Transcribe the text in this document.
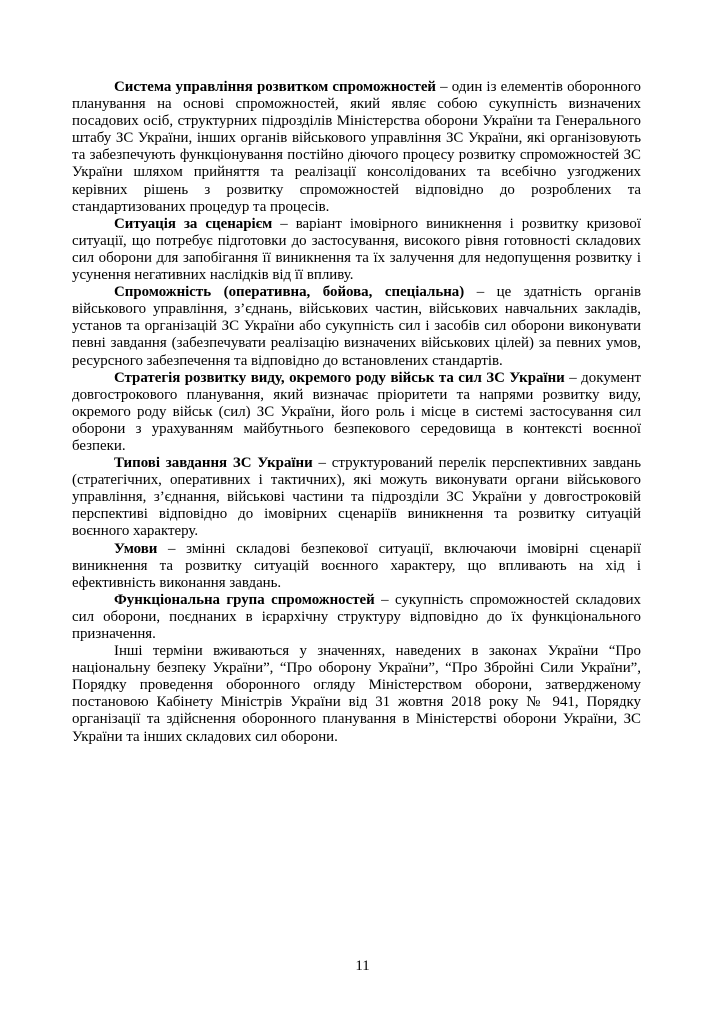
Система управління розвитком спроможностей – один із елементів оборонного планування на основі спроможностей, який являє собою сукупність визначених посадових осіб, структурних підрозділів Міністерства оборони України та Генерального штабу ЗС України, інших органів військового управління ЗС України, які організовують та забезпечують функціонування постійно діючого процесу розвитку спроможностей ЗС України шляхом прийняття та реалізації консолідованих та всебічно узгоджених керівних рішень з розвитку спроможностей відповідно до розроблених та стандартизованих процедур та процесів.

Ситуація за сценарієм – варіант імовірного виникнення і розвитку кризової ситуації, що потребує підготовки до застосування, високого рівня готовності складових сил оборони для запобігання її виникнення та їх залучення для недопущення розвитку і усунення негативних наслідків від її впливу.

Спроможність (оперативна, бойова, спеціальна) – це здатність органів військового управління, з’єднань, військових частин, військових навчальних закладів, установ та організацій ЗС України або сукупність сил і засобів сил оборони виконувати певні завдання (забезпечувати реалізацію визначених військових цілей) за певних умов, ресурсного забезпечення та відповідно до встановлених стандартів.

Стратегія розвитку виду, окремого роду військ та сил ЗС України – документ довгострокового планування, який визначає пріоритети та напрями розвитку виду, окремого роду військ (сил) ЗС України, його роль і місце в системі застосування сил оборони з урахуванням майбутнього безпекового середовища в контексті воєнної безпеки.

Типові завдання ЗС України – структурований перелік перспективних завдань (стратегічних, оперативних і тактичних), які можуть виконувати органи військового управління, з’єднання, військові частини та підрозділи ЗС України у довгостроковій перспективі відповідно до імовірних сценаріїв виникнення та розвитку ситуацій воєнного характеру.

Умови – змінні складові безпекової ситуації, включаючи імовірні сценарії виникнення та розвитку ситуацій воєнного характеру, що впливають на хід і ефективність виконання завдань.

Функціональна група спроможностей – сукупність спроможностей складових сил оборони, поєднаних в ієрархічну структуру відповідно до їх функціонального призначення.

Інші терміни вживаються у значеннях, наведених в законах України “Про національну безпеку України”, “Про оборону України”, “Про Збройні Сили України”, Порядку проведення оборонного огляду Міністерством оборони, затвердженому постановою Кабінету Міністрів України від 31 жовтня 2018 року № 941, Порядку організації та здійснення оборонного планування в Міністерстві оборони України, ЗС України та інших складових сил оборони.

11
